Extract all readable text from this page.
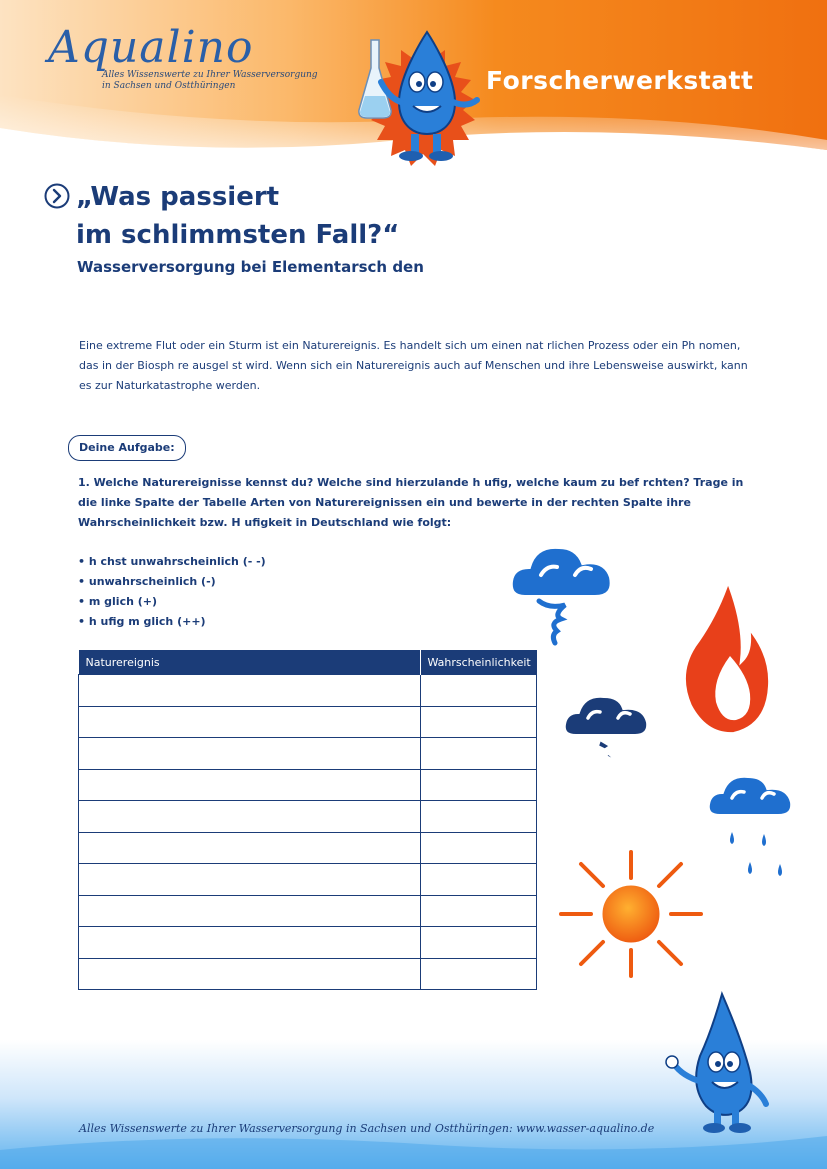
Aqualino
Alles Wissenswerte zu Ihrer Wasserversorgung in Sachsen und Ostthüringen	Forscherwerkstatt
„Was passiert
im schlimmsten Fall?“
Wasserversorgung bei Elementarsch den
Eine extreme Flut oder ein Sturm ist ein Naturereignis. Es handelt sich um einen nat rlichen Prozess oder ein Ph nomen, das in der Biosph re ausgel st wird. Wenn sich ein Naturereignis auch auf Menschen und ihre Lebensweise auswirkt, kann es zur Naturkatastrophe werden.
Deine Aufgabe:
1. Welche Naturereignisse kennst du? Welche sind hierzulande h ufig, welche kaum zu bef rchten? Trage in die linke Spalte der Tabelle Arten von Naturereignissen ein und bewerte in der rechten Spalte ihre Wahrscheinlichkeit bzw. H ufigkeit in Deutschland wie folgt:
• h chst unwahrscheinlich (- -)
• unwahrscheinlich (-)
• m glich (+)
• h ufig m glich (++)
Naturereignis	Wahrscheinlichkeit

Alles Wissenswerte zu Ihrer Wasserversorgung in Sachsen und Ostthüringen: www.wasser-aqualino.de
